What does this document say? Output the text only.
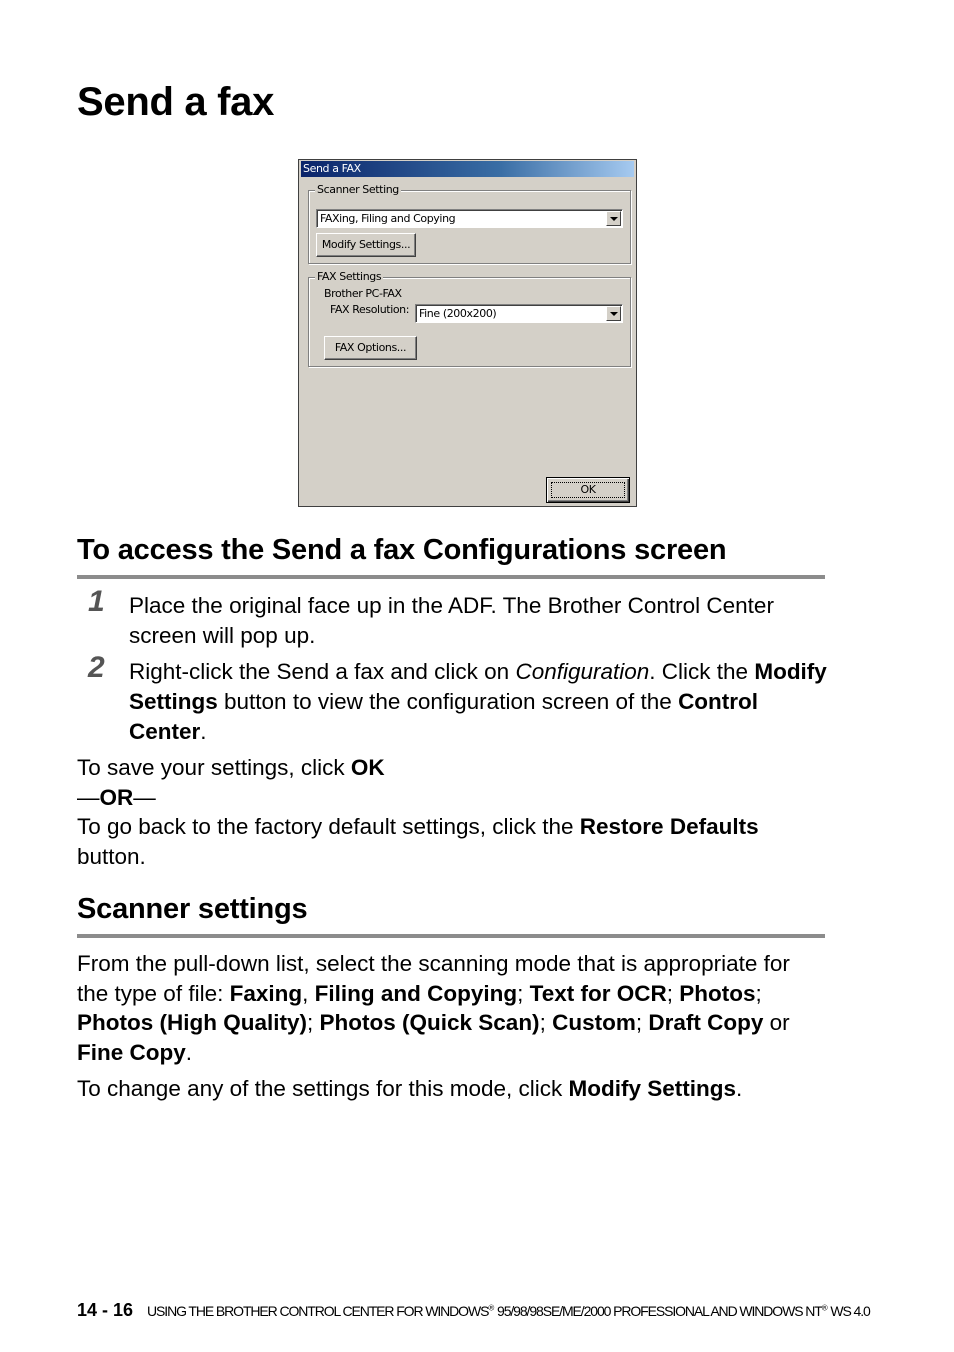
Send a fax
Send a FAX
Scanner Setting
FAXing, Filing and Copying
Modify Settings...
FAX Settings
Brother PC-FAX
FAX Resolution: Fine (200x200)
FAX Options...
OK
To access the Send a fax Configurations screen
1 Place the original face up in the ADF. The Brother Control Center screen will pop up.

2 Right-click the Send a fax and click on Configuration. Click the Modify Settings button to view the configuration screen of the Control Center.

To save your settings, click OK

—OR—

To go back to the factory default settings, click the Restore Defaults button.

Scanner settings

From the pull-down list, select the scanning mode that is appropriate for the type of file: Faxing, Filing and Copying; Text for OCR; Photos; Photos (High Quality); Photos (Quick Scan); Custom; Draft Copy or Fine Copy.

To change any of the settings for this mode, click Modify Settings.

14 - 16 USING THE BROTHER CONTROL CENTER FOR WINDOWS® 95/98/98SE/ME/2000 PROFESSIONAL AND WINDOWS NT® WS 4.0
